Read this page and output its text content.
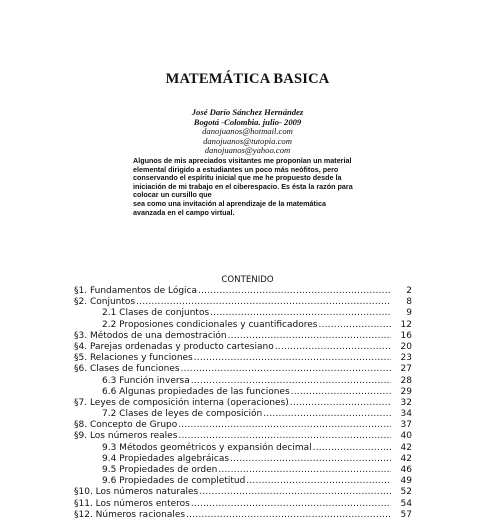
MATEMÁTICA BASICA
José Darío Sánchez Hernández
Bogotá -Colombia. julio- 2009
danojuanos@hotmail.com
danojuanos@tutopia.com
danojuanos@yahoo.com
Algunos de mis apreciados visitantes me proponían un material
elemental dirigido a estudiantes un poco más neófitos, pero
conservando el espíritu inicial que me he propuesto desde la
iniciación de mi trabajo en el ciberespacio. Es ésta la razón para
colocar un cursillo que
sea como una invitación al aprendizaje de la matemática
avanzada en el campo virtual.
CONTENIDO
§1. Fundamentos de Lógica .....	2
§2. Conjuntos .....	8
2.1 Clases de conjuntos .....	9
2.2 Proposiones condicionales y cuantificadores .....	12
§3. Métodos de una demostración .....	16
§4. Parejas ordenadas y producto cartesiano .....	20
§5. Relaciones y funciones .....	23
§6. Clases de funciones .....	27
6.3 Función inversa .....	28
6.6 Algunas propiedades de las funciones .....	29
§7. Leyes de composición interna (operaciones) .....	32
7.2 Clases de leyes de composición .....	34
§8. Concepto de Grupo .....	37
§9. Los números reales .....	40
9.3 Métodos geométricos y expansión decimal .....	42
9.4 Propiedades algebráicas .....	42
9.5 Propiedades de orden .....	46
9.6 Propiedades de completitud .....	49
§10. Los números naturales .....	52
§11. Los números enteros .....	54
§12. Números racionales .....	57
